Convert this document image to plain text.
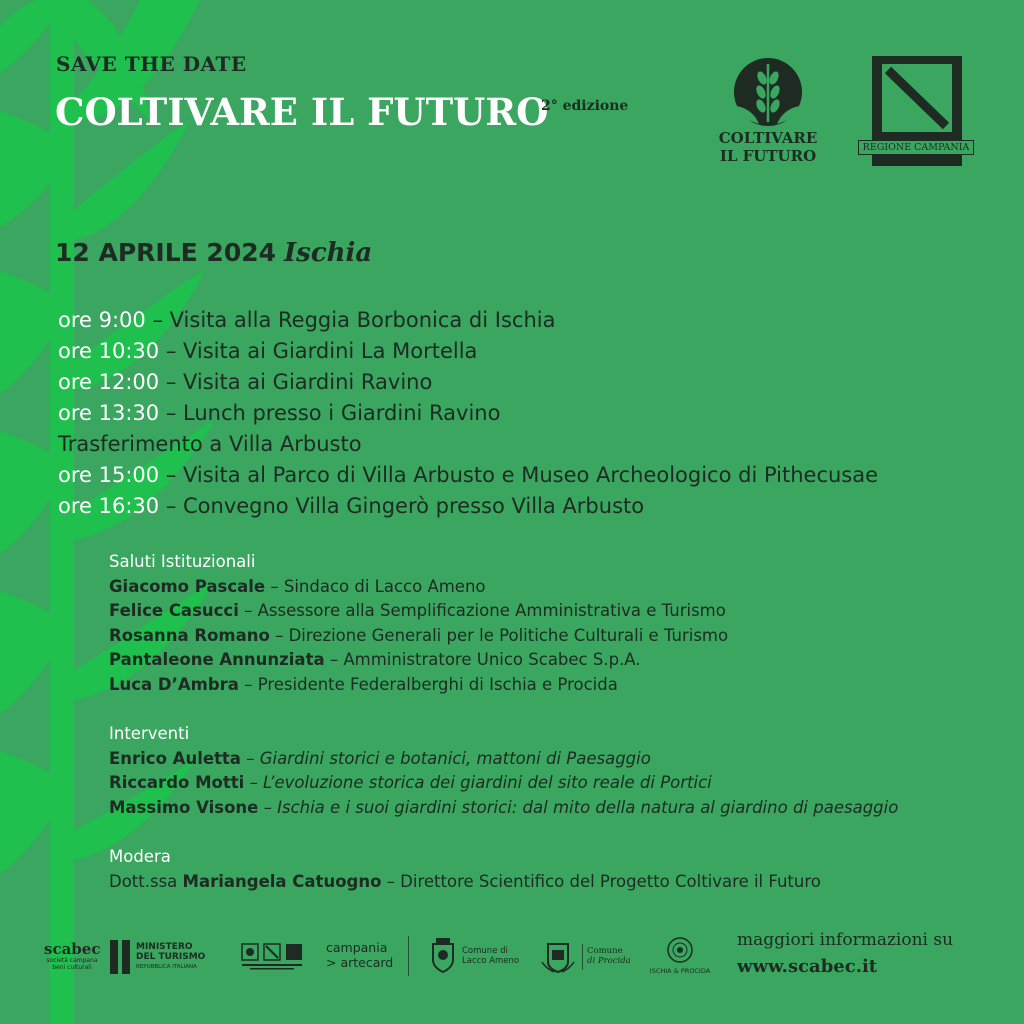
SAVE THE DATE
COLTIVARE IL FUTURO
2° edizione
COLTIVARE
IL FUTURO	REGIONE CAMPANIA
12 APRILE 2024 Ischia
ore 9:00 – Visita alla Reggia Borbonica di Ischia
ore 10:30 – Visita ai Giardini La Mortella
ore 12:00 – Visita ai Giardini Ravino
ore 13:30 – Lunch presso i Giardini Ravino
Trasferimento a Villa Arbusto
ore 15:00 – Visita al Parco di Villa Arbusto e Museo Archeologico di Pithecusae
ore 16:30 – Convegno Villa Gingerò presso Villa Arbusto
Saluti Istituzionali
Giacomo Pascale – Sindaco di Lacco Ameno
Felice Casucci – Assessore alla Semplificazione Amministrativa e Turismo
Rosanna Romano – Direzione Generali per le Politiche Culturali e Turismo
Pantaleone Annunziata – Amministratore Unico Scabec S.p.A.
Luca D’Ambra – Presidente Federalberghi di Ischia e Procida
Interventi
Enrico Auletta – Giardini storici e botanici, mattoni di Paesaggio
Riccardo Motti – L’evoluzione storica dei giardini del sito reale di Portici
Massimo Visone – Ischia e i suoi giardini storici: dal mito della natura al giardino di paesaggio
Modera
Dott.ssa Mariangela Catuogno – Direttore Scientifico del Progetto Coltivare il Futuro
scabec
società campana
beni culturali
MINISTERO
DEL TURISMO
REPUBBLICA ITALIANA
campania
> artecard
Comune di
Lacco Ameno
Comune
di Procida
ISCHIA & PROCIDA
maggiori informazioni su
www.scabec.it
